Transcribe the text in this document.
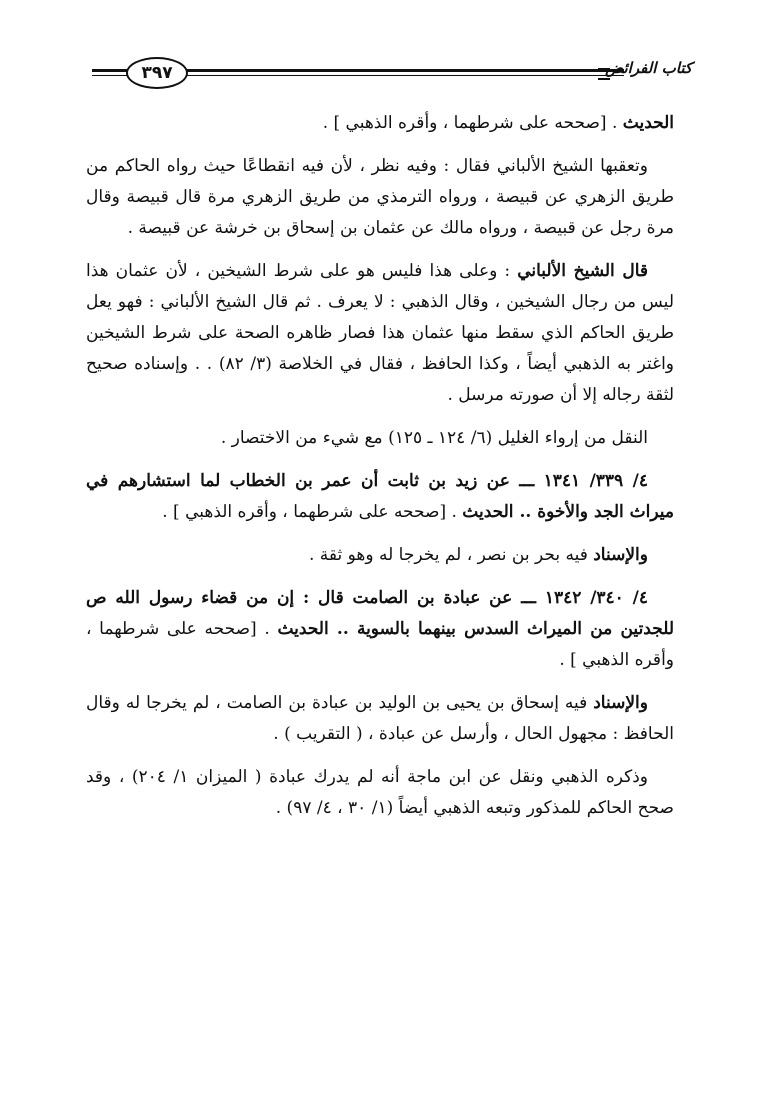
٣٩٧	كتاب الفرائض

الحديث . [صححه على شرطهما ، وأقره الذهبي ] .

وتعقبها الشيخ الألباني فقال : وفيه نظر ، لأن فيه انقطاعًا حيث رواه الحاكم من طريق الزهري عن قبيصة ، ورواه الترمذي من طريق الزهري مرة قال قبيصة وقال مرة رجل عن قبيصة ، ورواه مالك عن عثمان بن إسحاق بن خرشة عن قبيصة .

قال الشيخ الألباني : وعلى هذا فليس هو على شرط الشيخين ، لأن عثمان هذا ليس من رجال الشيخين ، وقال الذهبي : لا يعرف . ثم قال الشيخ الألباني : فهو يعل طريق الحاكم الذي سقط منها عثمان هذا فصار ظاهره الصحة على شرط الشيخين واغتر به الذهبي أيضاً ، وكذا الحافظ ، فقال في الخلاصة (٣/ ٨٢) . . وإسناده صحيح لثقة رجاله إلا أن صورته مرسل .

النقل من إرواء الغليل (٦/ ١٢٤ ـ ١٢٥) مع شيء من الاختصار .

٤/ ٣٣٩/ ١٣٤١ ـــ عن زيد بن ثابت أن عمر بن الخطاب لما استشارهم في ميراث الجد والأخوة .. الحديث . [صححه على شرطهما ، وأقره الذهبي ] .

والإسناد فيه بحر بن نصر ، لم يخرجا له وهو ثقة .

٤/ ٣٤٠/ ١٣٤٢ ـــ عن عبادة بن الصامت قال : إن من قضاء رسول الله ص للجدتين من الميراث السدس بينهما بالسوية .. الحديث . [صححه على شرطهما ، وأقره الذهبي ] .

والإسناد فيه إسحاق بن يحيى بن الوليد بن عبادة بن الصامت ، لم يخرجا له وقال الحافظ : مجهول الحال ، وأرسل عن عبادة ، ( التقريب ) .

وذكره الذهبي ونقل عن ابن ماجة أنه لم يدرك عبادة ( الميزان ١/ ٢٠٤) ، وقد صحح الحاكم للمذكور وتبعه الذهبي أيضاً (١/ ٣٠ ، ٤/ ٩٧) .
